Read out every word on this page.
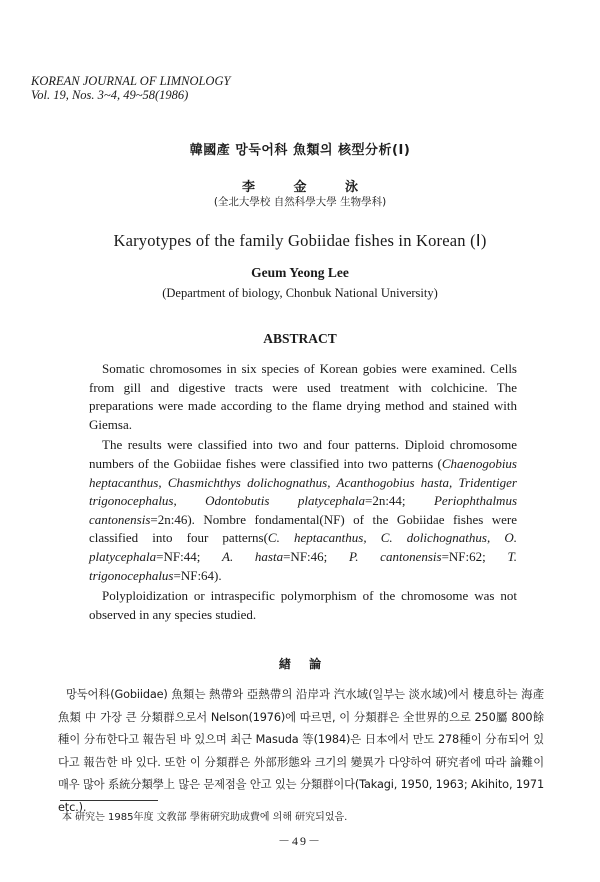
KOREAN JOURNAL OF LIMNOLOGY
Vol. 19, Nos. 3~4, 49~58(1986)
韓國產 망둑어科 魚類의 核型分析(Ⅰ)
李 金 泳
(全北大學校 自然科學大學 生物學科)
Karyotypes of the family Gobiidae fishes in Korean (Ⅰ)
Geum Yeong Lee
(Department of biology, Chonbuk National University)
ABSTRACT

Somatic chromosomes in six species of Korean gobies were examined. Cells from gill and digestive tracts were used treatment with colchicine. The preparations were made according to the flame drying method and stained with Giemsa.

The results were classified into two and four patterns. Diploid chromosome numbers of the Gobiidae fishes were classified into two patterns (Chaenogobius heptacanthus, Chasmichthys dolichognathus, Acanthogobius hasta, Tridentiger trigonocephalus, Odontobutis platycephala=2n:44; Periophthalmus cantonensis=2n:46). Nombre fondamental(NF) of the Gobiidae fishes were classified into four patterns(C. heptacanthus, C. dolichognathus, O. platycephala=NF:44; A. hasta=NF:46; P. cantonensis=NF:62; T. trigonocephalus=NF:64).

Polyploidization or intraspecific polymorphism of the chromosome was not observed in any species studied.

緖 論

망둑어科(Gobiidae) 魚類는 熱帶와 亞熱帶의 沿岸과 汽水域(일부는 淡水域)에서 棲息하는 海產魚類 中 가장 큰 分類群으로서 Nelson(1976)에 따르면, 이 分類群은 全世界的으로 250屬 800餘種이 分布한다고 報告된 바 있으며 최근 Masuda 等(1984)은 日本에서 만도 278種이 分布되어 있다고 報告한 바 있다. 또한 이 分類群은 外部形態와 크기의 變異가 다양하여 硏究者에 따라 論難이 매우 많아 系統分類學上 많은 문제점을 안고 있는 分類群이다(Takagi, 1950, 1963; Akihito, 1971 etc.).

本 研究는 1985年度 文敎部 學術硏究助成費에 의해 研究되었음.
－49－
